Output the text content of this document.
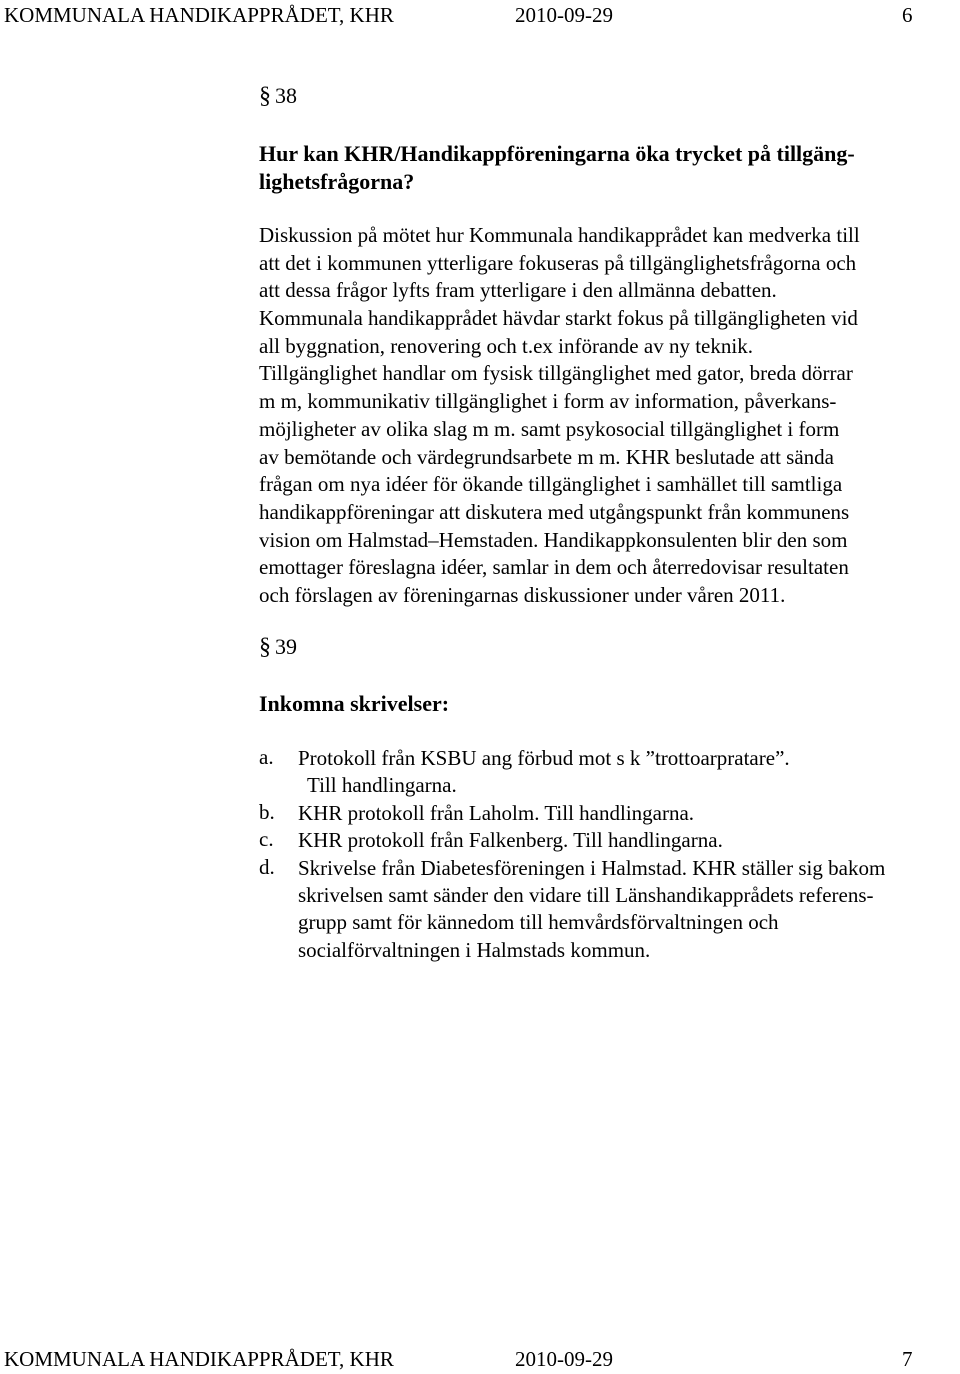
KOMMUNALA HANDIKAPPRÅDET, KHR	2010-09-29	6
§ 38
Hur kan KHR/Handikappföreningarna öka trycket på tillgäng-
lighetsfrågorna?
Diskussion på mötet hur Kommunala handikapprådet kan medverka till
att det i kommunen ytterligare fokuseras på tillgänglighetsfrågorna och
att dessa frågor lyfts fram ytterligare i den allmänna debatten.
Kommunala handikapprådet hävdar starkt fokus på tillgängligheten vid
all byggnation, renovering och t.ex införande av ny teknik.
Tillgänglighet handlar om fysisk tillgänglighet med gator, breda dörrar
m m, kommunikativ tillgänglighet i form av information, påverkans-
möjligheter av olika slag m m. samt psykosocial tillgänglighet i form
av bemötande och värdegrundsarbete m m. KHR beslutade att sända
frågan om nya idéer för ökande tillgänglighet i samhället till samtliga
handikappföreningar att diskutera med utgångspunkt från kommunens
vision om Halmstad–Hemstaden. Handikappkonsulenten blir den som
emottager föreslagna idéer, samlar in dem och återredovisar resultaten
och förslagen av föreningarnas diskussioner under våren 2011.
§ 39
Inkomna skrivelser:
a. Protokoll från KSBU ang förbud mot s k ”trottoarpratare”.
Till handlingarna.
b. KHR protokoll från Laholm. Till handlingarna.
c. KHR protokoll från Falkenberg. Till handlingarna.
d. Skrivelse från Diabetesföreningen i Halmstad. KHR ställer sig bakom
skrivelsen samt sänder den vidare till Länshandikapprådets referens-
grupp samt för kännedom till hemvårdsförvaltningen och
socialförvaltningen i Halmstads kommun.
KOMMUNALA HANDIKAPPRÅDET, KHR	2010-09-29	7
